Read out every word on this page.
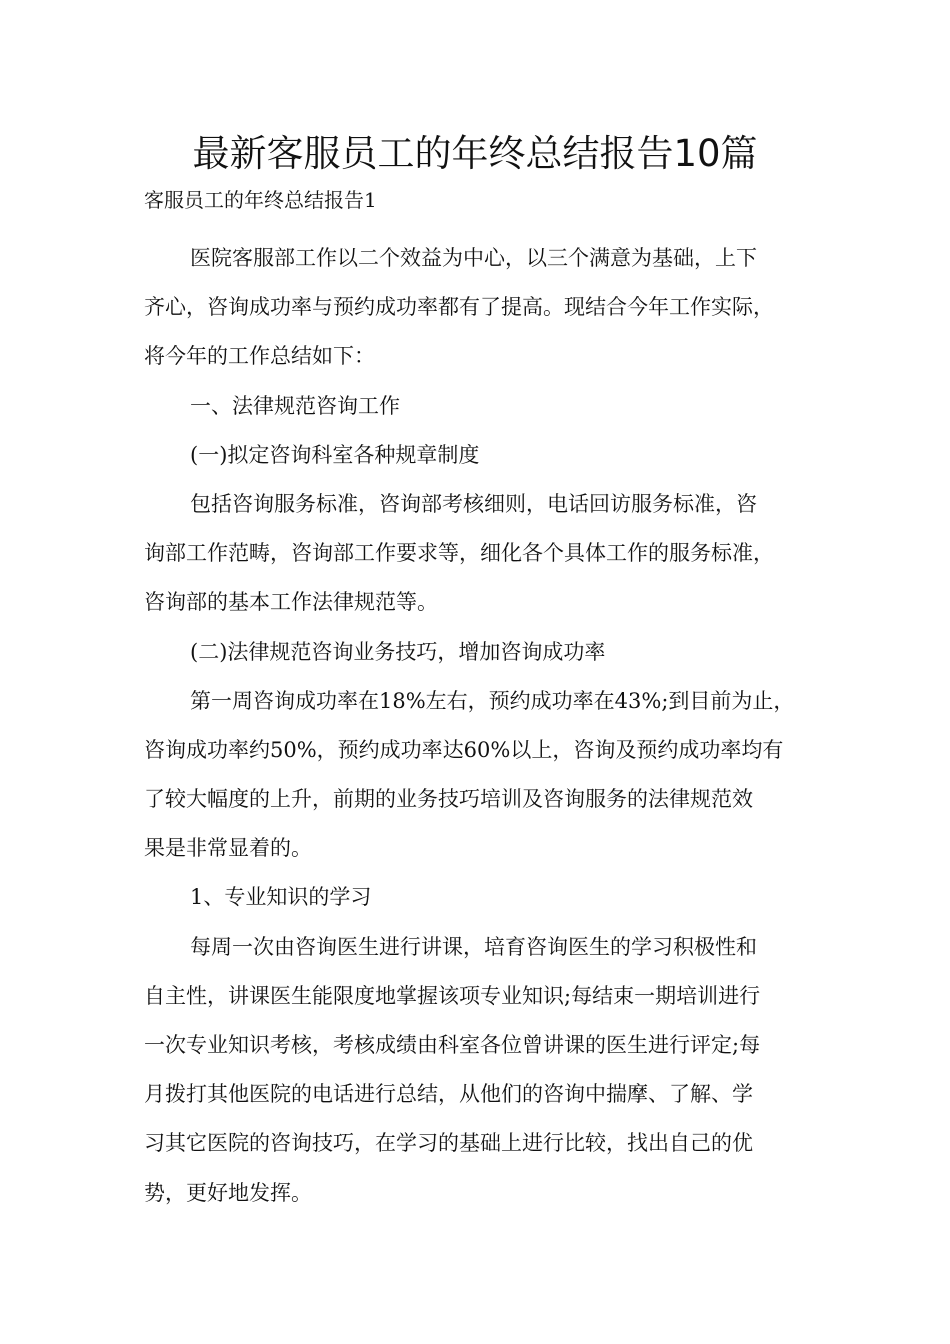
最新客服员工的年终总结报告10篇

客服员工的年终总结报告1

医院客服部工作以二个效益为中心，以三个满意为基础，上下
齐心，咨询成功率与预约成功率都有了提高。现结合今年工作实际，
将今年的工作总结如下：
一、法律规范咨询工作
(一)拟定咨询科室各种规章制度
包括咨询服务标准，咨询部考核细则，电话回访服务标准，咨
询部工作范畴，咨询部工作要求等，细化各个具体工作的服务标准，
咨询部的基本工作法律规范等。
(二)法律规范咨询业务技巧，增加咨询成功率
第一周咨询成功率在18%左右，预约成功率在43%;到目前为止，
咨询成功率约50%，预约成功率达60%以上，咨询及预约成功率均有
了较大幅度的上升，前期的业务技巧培训及咨询服务的法律规范效
果是非常显着的。
1、专业知识的学习
每周一次由咨询医生进行讲课，培育咨询医生的学习积极性和
自主性，讲课医生能限度地掌握该项专业知识;每结束一期培训进行
一次专业知识考核，考核成绩由科室各位曾讲课的医生进行评定;每
月拨打其他医院的电话进行总结，从他们的咨询中揣摩、了解、学
习其它医院的咨询技巧，在学习的基础上进行比较，找出自己的优
势，更好地发挥。
